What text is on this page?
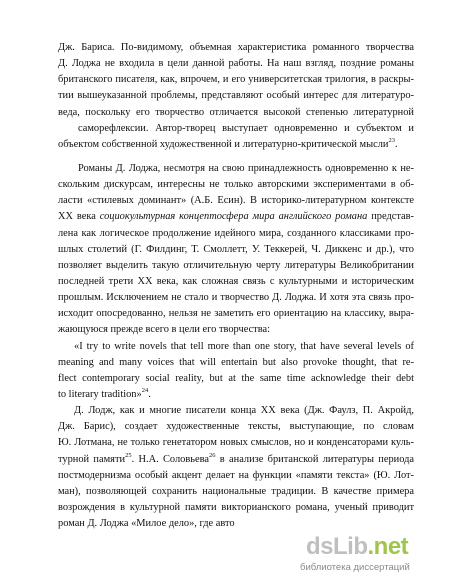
Дж. Бариса. По-видимому, объемная характеристика романного творчества
Д. Лоджа не входила в цели данной работы. На наш взгляд, поздние романы
британского писателя, как, впрочем, и его университетская трилогия, в раскры-
тии вышеуказанной проблемы, представляют особый интерес для литературо-
веда, поскольку его творчество отличается высокой степенью литературной
саморефлексии. Автор-творец выступает одновременно и субъектом и
объектом собственной художественной и литературно-критической мысли$^{23}$.
Романы Д. Лоджа, несмотря на свою принадлежность одновременно к не-
скольким дискурсам, интересны не только авторскими экспериментами в об-
ласти «стилевых доминант» (А.Б. Есин). В историко-литературном контексте
ХХ века социокультурная концептосфера мира английского романа представ-
лена как логическое продолжение идейного мира, созданного классиками про-
шлых столетий (Г. Филдинг, Т. Смоллетт, У. Теккерей, Ч. Диккенс и др.), что
позволяет выделить такую отличительную черту литературы Великобритании
последней трети ХХ века, как сложная связь с культурными и историческим
прошлым. Исключением не стало и творчество Д. Лоджа. И хотя эта связь про-
исходит опосредованно, нельзя не заметить его ориентацию на классику, выра-
жающуюся прежде всего в цели его творчества:
«I try to write novels that tell more than one story, that have several levels of
meaning and many voices that will entertain but also provoke thought, that re-
flect contemporary social reality, but at the same time acknowledge their debt
to literary tradition»$^{24}$.
Д. Лодж, как и многие писатели конца ХХ века (Дж. Фаулз, П. Акройд,
Дж. Барис), создает художественные тексты, выступающие, по словам
Ю. Лотмана, не только генетатором новых смыслов, но и конденсаторами куль-
турной памяти$^{25}$. Н.А. Соловьева$^{26}$ в анализе британской литературы периода
постмодернизма особый акцент делает на функции «памяти текста» (Ю. Лот-
ман), позволяющей сохранить национальные традиции. В качестве примера
возрождения в культурной памяти викторианского романа, ученый приводит
роман Д. Лоджа «Милое дело», где авто
dsLib.net
библиотека диссертаций
